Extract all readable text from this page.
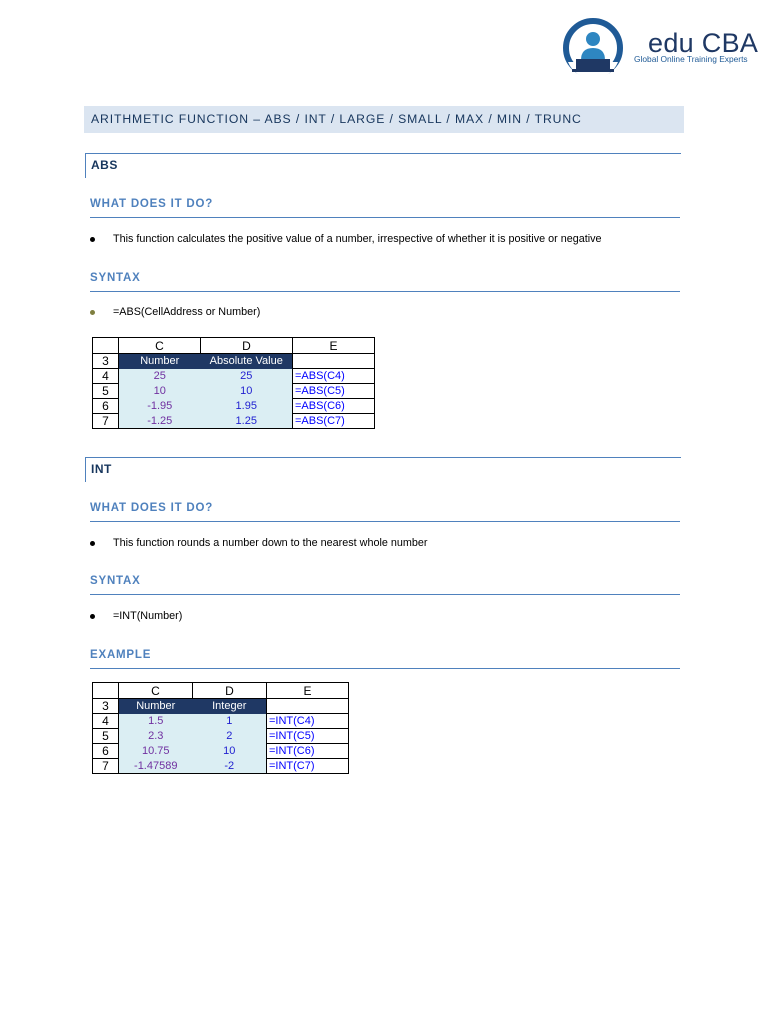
edu CBA
Global Online Training Experts
ARITHMETIC FUNCTION – ABS / INT / LARGE / SMALL / MAX / MIN / TRUNC
ABS
WHAT DOES IT DO?
This function calculates the positive value of a number, irrespective of whether it is positive or negative
SYNTAX
=ABS(CellAddress or Number)
	C	D	E
3	Number	Absolute Value	
4	25	25	=ABS(C4)
5	10	10	=ABS(C5)
6	-1.95	1.95	=ABS(C6)
7	-1.25	1.25	=ABS(C7)
INT
WHAT DOES IT DO?
This function rounds a number down to the nearest whole number
SYNTAX
=INT(Number)
EXAMPLE
	C	D	E
3	Number	Integer	
4	1.5	1	=INT(C4)
5	2.3	2	=INT(C5)
6	10.75	10	=INT(C6)
7	-1.47589	-2	=INT(C7)
